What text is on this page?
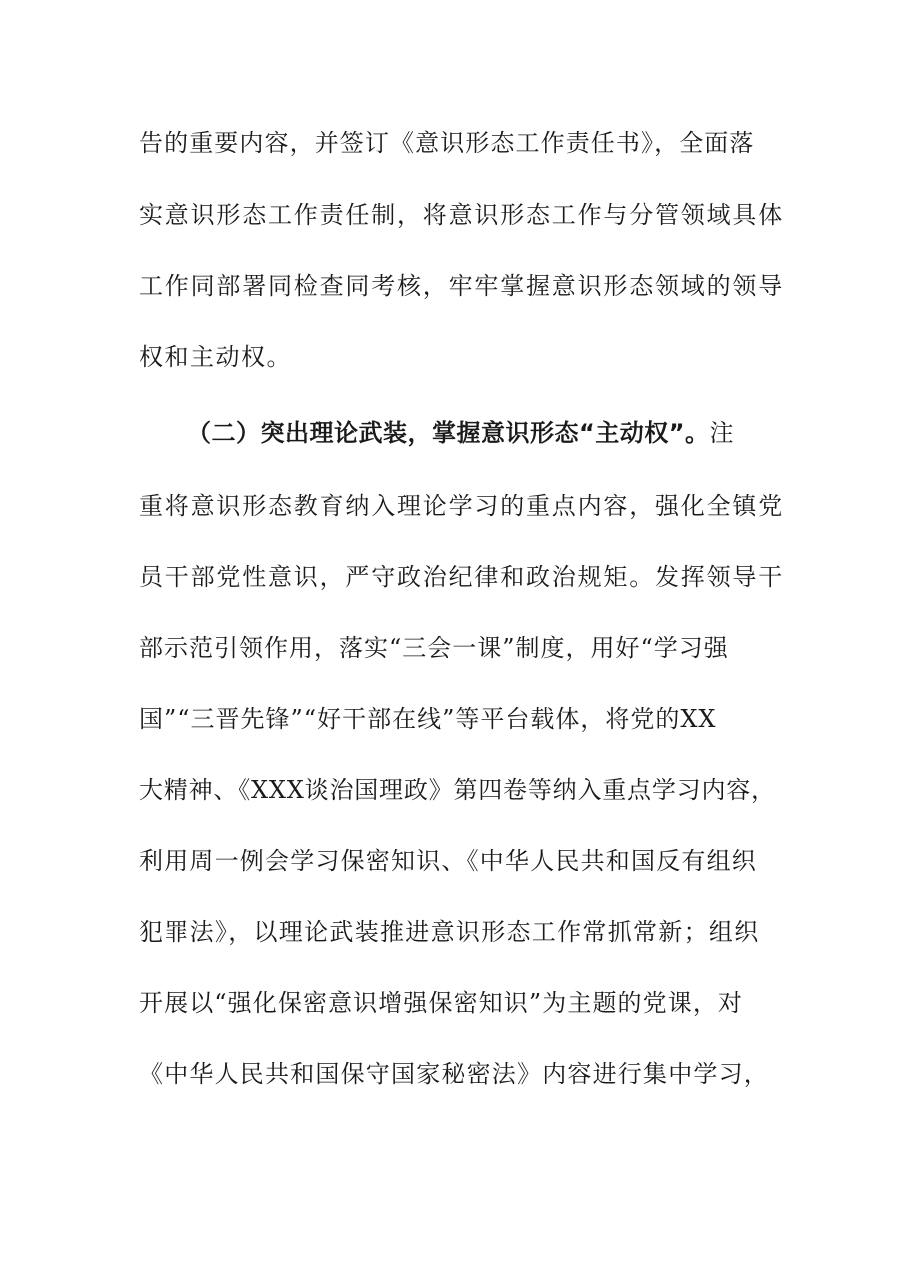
告的重要内容，并签订《意识形态工作责任书》，全面落
实意识形态工作责任制，将意识形态工作与分管领域具体
工作同部署同检查同考核，牢牢掌握意识形态领域的领导
权和主动权。
（二）突出理论武装，掌握意识形态“主动权”。注
重将意识形态教育纳入理论学习的重点内容，强化全镇党
员干部党性意识，严守政治纪律和政治规矩。发挥领导干
部示范引领作用，落实“三会一课”制度，用好“学习强
国”“三晋先锋”“好干部在线”等平台载体，将党的XX
大精神、《XXX谈治国理政》第四卷等纳入重点学习内容，
利用周一例会学习保密知识、《中华人民共和国反有组织
犯罪法》，以理论武装推进意识形态工作常抓常新；组织
开展以“强化保密意识增强保密知识”为主题的党课，对
《中华人民共和国保守国家秘密法》内容进行集中学习，
